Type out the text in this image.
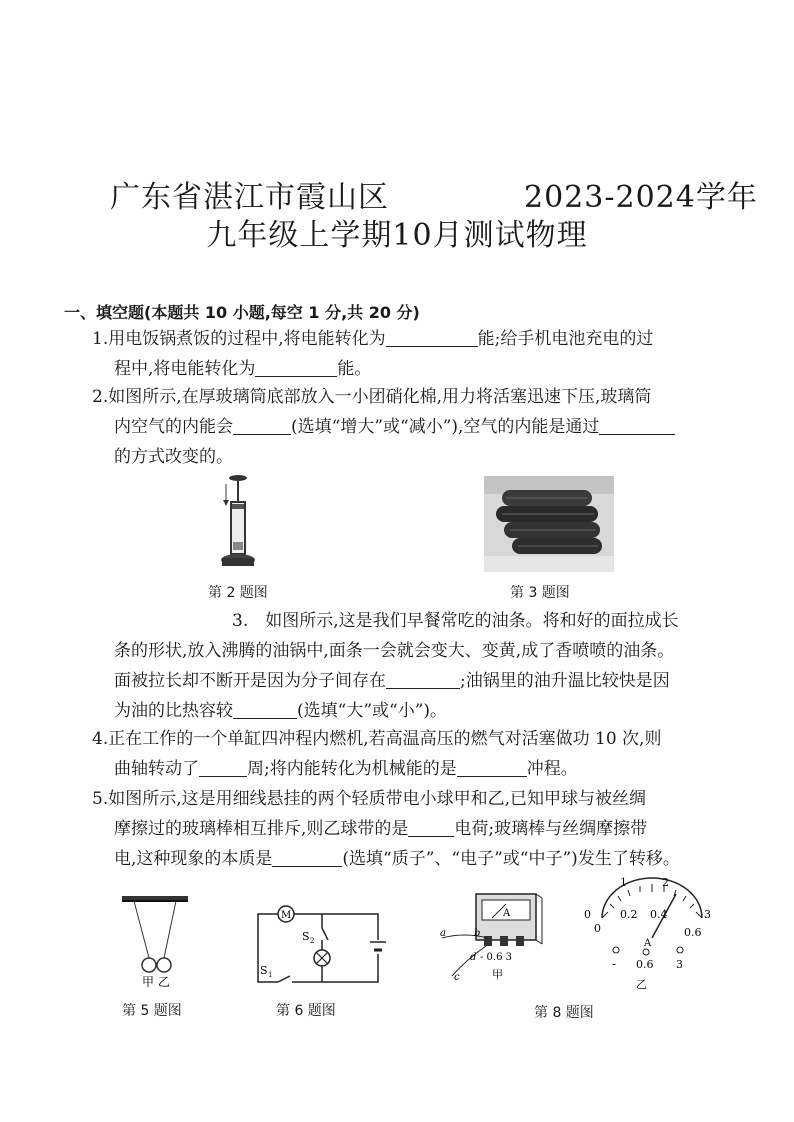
广东省湛江市霞山区	2023-2024学年
九年级上学期10月测试物理
一、填空题(本题共 10 小题,每空 1 分,共 20 分)
1.用电饭锅煮饭的过程中,将电能转化为	能;给手机电池充电的过
程中,将电能转化为	能。
2.如图所示,在厚玻璃筒底部放入一小团硝化棉,用力将活塞迅速下压,玻璃筒
内空气的内能会	(选填“增大”或“减小”),空气的内能是通过
的方式改变的。
第 2 题图	第 3 题图
3.　如图所示,这是我们早餐常吃的油条。将和好的面拉成长
条的形状,放入沸腾的油锅中,面条一会就会变大、变黄,成了香喷喷的油条。
面被拉长却不断开是因为分子间存在	;油锅里的油升温比较快是因
为油的比热容较	(选填“大”或“小”)。
4.正在工作的一个单缸四冲程内燃机,若高温高压的燃气对活塞做功 10 次,则
曲轴转动了	周;将内能转化为机械能的是	冲程。
5.如图所示,这是用细线悬挂的两个轻质带电小球甲和乙,已知甲球与被丝绸
摩擦过的玻璃棒相互排斥,则乙球带的是	电荷;玻璃棒与丝绸摩擦带
电,这种现象的本质是	(选填“质子”、“电子”或“中子”)发生了转移。
甲 乙
第 5 题图
M
S 2
S 1
第 6 题图
A
a	b
c
d - 0.6 3
甲
1	2
0	3
0.2 0.4
0	0.6
A
- 0.6 3
乙
第 8 题图
